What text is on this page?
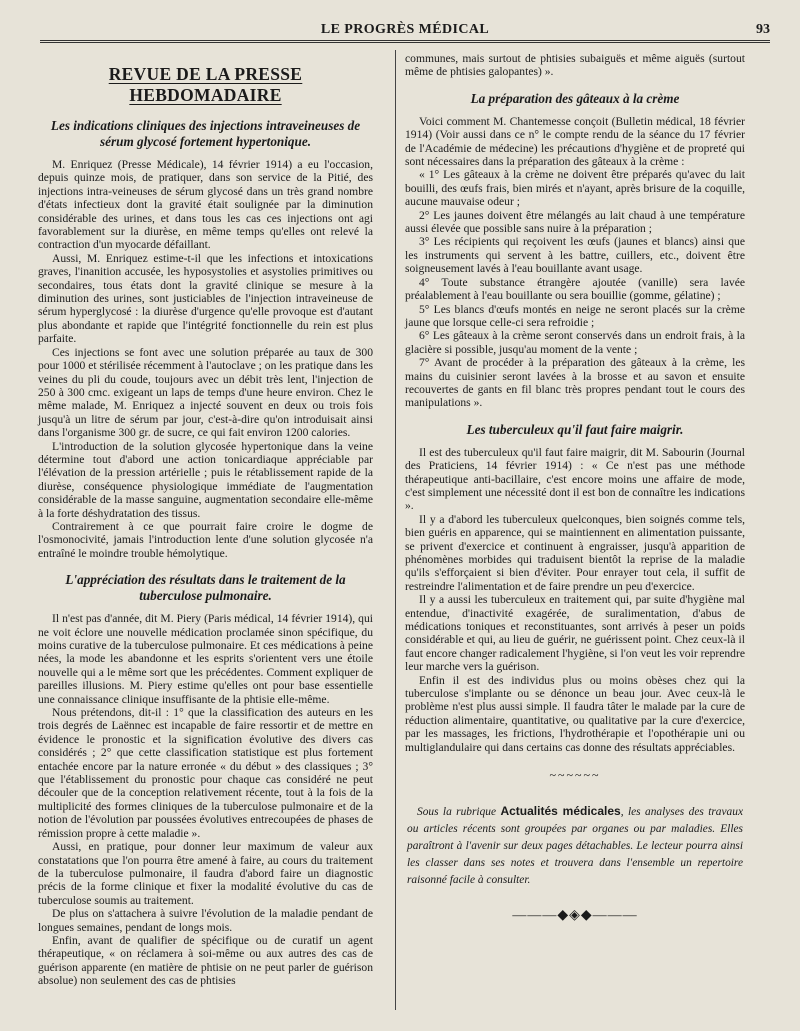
LE PROGRÈS MÉDICAL	93
REVUE DE LA PRESSE HEBDOMADAIRE
Les indications cliniques des injections intraveineuses de sérum glycosé fortement hypertonique.

M. Enriquez (Presse Médicale), 14 février 1914) a eu l'occasion, depuis quinze mois, de pratiquer, dans son service de la Pitié, des injections intra-veineuses de sérum glycosé dans un très grand nombre d'états infectieux dont la gravité était soulignée par la diminution considérable des urines, et dans tous les cas ces injections ont agi favorablement sur la diurèse, en même temps qu'elles ont relevé la contraction d'un myocarde défaillant.

Aussi, M. Enriquez estime-t-il que les infections et intoxications graves, l'inanition accusée, les hyposystolies et asystolies primitives ou secondaires, tous états dont la gravité clinique se mesure à la diminution des urines, sont justiciables de l'injection intraveineuse de sérum hyperglycosé : la diurèse d'urgence qu'elle provoque est d'autant plus abondante et rapide que l'intégrité fonctionnelle du rein est plus parfaite.

Ces injections se font avec une solution préparée au taux de 300 pour 1000 et stérilisée récemment à l'autoclave ; on les pratique dans les veines du pli du coude, toujours avec un débit très lent, l'injection de 250 à 300 cmc. exigeant un laps de temps d'une heure environ. Chez le même malade, M. Enriquez a injecté souvent en deux ou trois fois jusqu'à un litre de sérum par jour, c'est-à-dire qu'on introduisait ainsi dans l'organisme 300 gr. de sucre, ce qui fait environ 1200 calories.

L'introduction de la solution glycosée hypertonique dans la veine détermine tout d'abord une action tonicardiaque appréciable par l'élévation de la pression artérielle ; puis le rétablissement rapide de la diurèse, conséquence physiologique immédiate de l'augmentation considérable de la masse sanguine, augmentation secondaire elle-même à la forte déshydratation des tissus.

Contrairement à ce que pourrait faire croire le dogme de l'osmonocivité, jamais l'introduction lente d'une solution glycosée n'a entraîné le moindre trouble hémolytique.

L'appréciation des résultats dans le traitement de la tuberculose pulmonaire.

Il n'est pas d'année, dit M. Piery (Paris médical, 14 février 1914), qui ne voit éclore une nouvelle médication proclamée sinon spécifique, du moins curative de la tuberculose pulmonaire. Et ces médications à peine nées, la mode les abandonne et les esprits s'orientent vers une étoile nouvelle qui a le même sort que les précédentes. Comment expliquer de pareilles illusions. M. Piery estime qu'elles ont pour base essentielle une connaissance clinique insuffisante de la phtisie elle-même.

Nous prétendons, dit-il : 1° que la classification des auteurs en les trois degrés de Laënnec est incapable de faire ressortir et de mettre en évidence le pronostic et la signification évolutive des divers cas considérés ; 2° que cette classification statistique est plus fortement entachée encore par la nature erronée « du début » des classiques ; 3° que l'établissement du pronostic pour chaque cas considéré ne peut découler que de la conception relativement récente, tout à la fois de la multiplicité des formes cliniques de la tuberculose pulmonaire et de la notion de l'évolution par poussées évolutives entrecoupées de phases de rémission propre à cette maladie ».

Aussi, en pratique, pour donner leur maximum de valeur aux constatations que l'on pourra être amené à faire, au cours du traitement de la tuberculose pulmonaire, il faudra d'abord faire un diagnostic précis de la forme clinique et fixer la modalité évolutive du cas de tuberculose soumis au traitement.

De plus on s'attachera à suivre l'évolution de la maladie pendant de longues semaines, pendant de longs mois.

Enfin, avant de qualifier de spécifique ou de curatif un agent thérapeutique, « on réclamera à soi-même ou aux autres des cas de guérison apparente (en matière de phtisie on ne peut parler de guérison absolue) non seulement des cas de phtisies

communes, mais surtout de phtisies subaiguës et même aiguës (surtout même de phtisies galopantes) ».

La préparation des gâteaux à la crème

Voici comment M. Chantemesse conçoit (Bulletin médical, 18 février 1914) (Voir aussi dans ce n° le compte rendu de la séance du 17 février de l'Académie de médecine) les précautions d'hygiène et de propreté qui sont nécessaires dans la préparation des gâteaux à la crème :

« 1° Les gâteaux à la crème ne doivent être préparés qu'avec du lait bouilli, des œufs frais, bien mirés et n'ayant, après brisure de la coquille, aucune mauvaise odeur ;

2° Les jaunes doivent être mélangés au lait chaud à une température aussi élevée que possible sans nuire à la préparation ;

3° Les récipients qui reçoivent les œufs (jaunes et blancs) ainsi que les instruments qui servent à les battre, cuillers, etc., doivent être soigneusement lavés à l'eau bouillante avant usage.

4° Toute substance étrangère ajoutée (vanille) sera lavée préalablement à l'eau bouillante ou sera bouillie (gomme, gélatine) ;

5° Les blancs d'œufs montés en neige ne seront placés sur la crème jaune que lorsque celle-ci sera refroidie ;

6° Les gâteaux à la crème seront conservés dans un endroit frais, à la glacière si possible, jusqu'au moment de la vente ;

7° Avant de procéder à la préparation des gâteaux à la crème, les mains du cuisinier seront lavées à la brosse et au savon et ensuite recouvertes de gants en fil blanc très propres pendant tout le cours des manipulations ».

Les tuberculeux qu'il faut faire maigrir.

Il est des tuberculeux qu'il faut faire maigrir, dit M. Sabourin (Journal des Praticiens, 14 février 1914) : « Ce n'est pas une méthode thérapeutique anti-bacillaire, c'est encore moins une affaire de mode, c'est simplement une nécessité dont il est bon de connaître les indications ».

Il y a d'abord les tuberculeux quelconques, bien soignés comme tels, bien guéris en apparence, qui se maintiennent en alimentation puissante, se privent d'exercice et continuent à engraisser, jusqu'à apparition de phénomènes morbides qui traduisent bientôt la reprise de la maladie qu'ils s'efforçaient si bien d'éviter. Pour enrayer tout cela, il suffit de restreindre l'alimentation et de faire prendre un peu d'exercice.

Il y a aussi les tuberculeux en traitement qui, par suite d'hygiène mal entendue, d'inactivité exagérée, de suralimentation, d'abus de médications toniques et reconstituantes, sont arrivés à peser un poids considérable et qui, au lieu de guérir, ne guérissent point. Chez ceux-là il faut encore changer radicalement l'hygiène, si l'on veut les voir reprendre leur marche vers la guérison.

Enfin il est des individus plus ou moins obèses chez qui la tuberculose s'implante ou se dénonce un beau jour. Avec ceux-là le problème n'est plus aussi simple. Il faudra tâter le malade par la cure de réduction alimentaire, quantitative, ou qualitative par la cure d'exercice, par les massages, les frictions, l'hydrothérapie et l'opothérapie uni ou multiglandulaire qui dans certains cas donne des résultats appréciables.

~~~~~~

Sous la rubrique Actualités médicales, les analyses des travaux ou articles récents sont groupées par organes ou par maladies. Elles paraîtront à l'avenir sur deux pages détachables. Le lecteur pourra ainsi les classer dans ses notes et trouvera dans l'ensemble un repertoire raisonné facile à consulter.

———◆◈◆———
